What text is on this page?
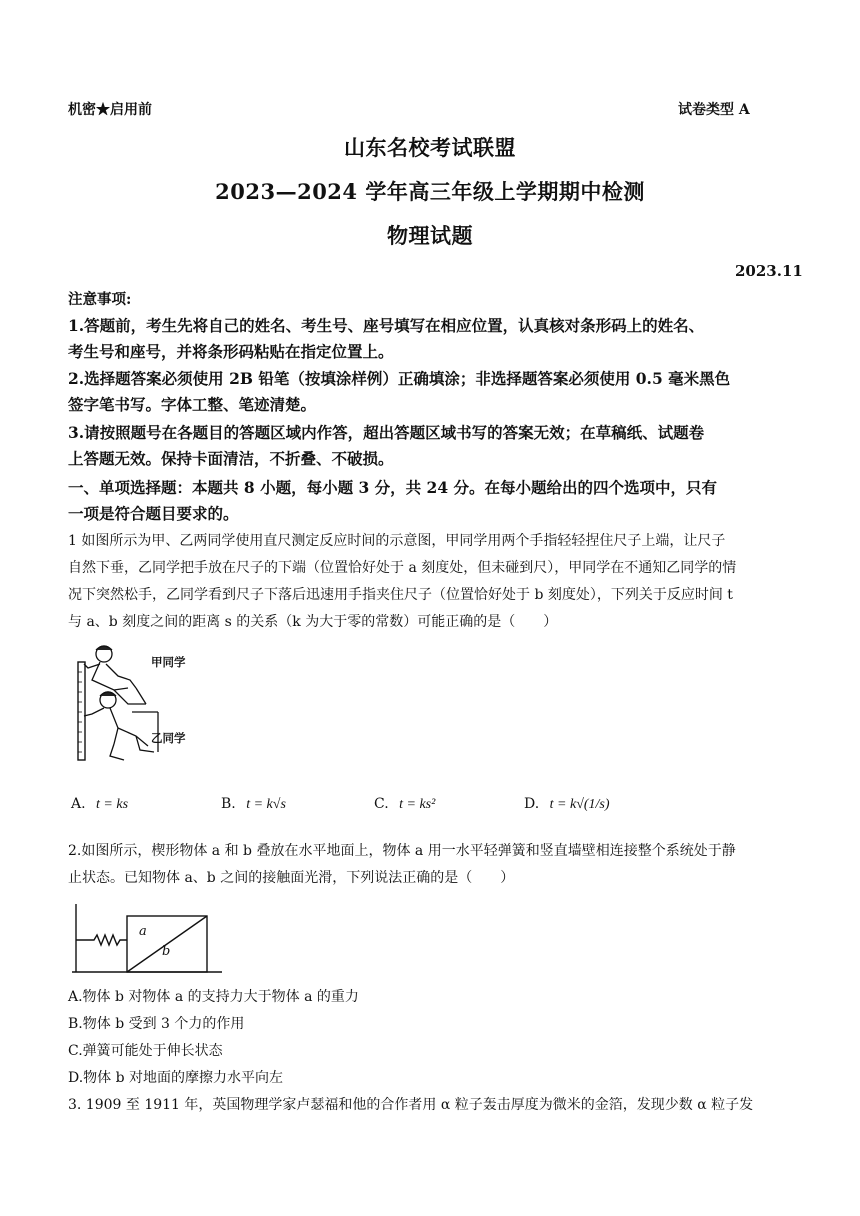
机密★启用前	试卷类型 A
山东名校考试联盟
2023—2024 学年高三年级上学期期中检测
物理试题
2023.11
注意事项:
1.答题前，考生先将自己的姓名、考生号、座号填写在相应位置，认真核对条形码上的姓名、
考生号和座号，并将条形码粘贴在指定位置上。
2.选择题答案必须使用 2B 铅笔（按填涂样例）正确填涂；非选择题答案必须使用 0.5 毫米黑色
签字笔书写。字体工整、笔迹清楚。
3.请按照题号在各题目的答题区域内作答，超出答题区域书写的答案无效；在草稿纸、试题卷
上答题无效。保持卡面清洁，不折叠、不破损。
一、单项选择题：本题共 8 小题，每小题 3 分，共 24 分。在每小题给出的四个选项中，只有
一项是符合题目要求的。
1 如图所示为甲、乙两同学使用直尺测定反应时间的示意图，甲同学用两个手指轻轻捏住尺子上端，让尺子
自然下垂，乙同学把手放在尺子的下端（位置恰好处于 a 刻度处，但未碰到尺），甲同学在不通知乙同学的情
况下突然松手，乙同学看到尺子下落后迅速用手指夹住尺子（位置恰好处于 b 刻度处），下列关于反应时间 t
与 a、b 刻度之间的距离 s 的关系（k 为大于零的常数）可能正确的是（　　）
甲同学
乙同学
A. t = ks	B. t = k√s	C. t = ks²	D. t = k√(1/s)
2.如图所示，楔形物体 a 和 b 叠放在水平地面上，物体 a 用一水平轻弹簧和竖直墙壁相连接整个系统处于静
止状态。已知物体 a、b 之间的接触面光滑，下列说法正确的是（　　）
a
b
A.物体 b 对物体 a 的支持力大于物体 a 的重力
B.物体 b 受到 3 个力的作用
C.弹簧可能处于伸长状态
D.物体 b 对地面的摩擦力水平向左
3. 1909 至 1911 年，英国物理学家卢瑟福和他的合作者用 α 粒子轰击厚度为微米的金箔，发现少数 α 粒子发
